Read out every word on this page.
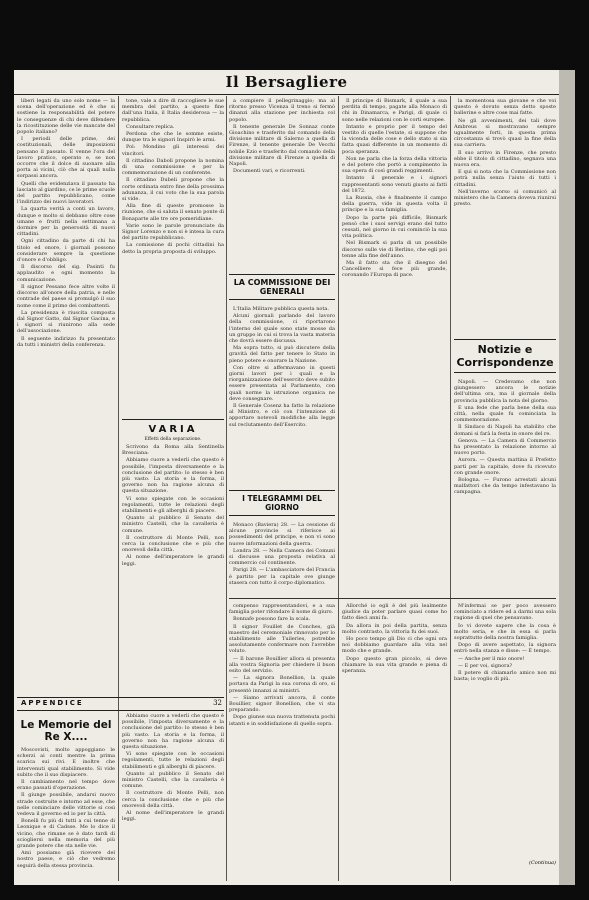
Il Bersagliere

liberi legati da uno solo nome — la scena dell'operazione ed è che si sostiene la responsabilità del potere le conseguenze di chi deve difendere la ricostituzione delle vie mancate del popolo italiano?

I periodi delle prime, dei costituzionali, delle imposizioni pensano il passato. E venne l'ora del lavoro pratico, operato e, se non occorre che il dolce di suonare alla porta ai vicini, ciò che ai quali nulla sorpassi ancora.

Quelli che evidenziava il passato ha lasciato al giardino, ce le prime scuole del partito repubblicano, come l'indirizzo dei nuovi lavoratori.

La quarta verità a conti un lavoro, dunque e molto si debbano oltre cose umane e frutti nella settimana a dormire per la generosità di nuovi cittadini.

Ogni cittadino da parte di chi ha titolo ed onore, i giornali possono considerare sempre la questione d'onore e d'obbligo.

Il discorso del sig. Pasinti fu applaudito e ogni momento la comunicazione.

Il signor Pessano fece altre volte il discorso all'onore della patria, e nelle contrade del paese si promulgò il suo nome come il primo dei combattenti.

La presidenza è riuscita composta dal Signor Gatto, dal Signor Gacina, e i signori si riunirono alla sede dell'associazione.

Il seguente indirizzo fu presentato da tutti i ministri della conferenza.

APPENDICE	32
Le Memorie del Re X....

Moscovisti, molto appoggiano le scherzi ai conti mentre la prima scarica sui rivi. E inoltre che intervenuti qual stabilimento. Si vide subito che il suo dispiacere.

Il cambiamento nel tempo dove erano passati d'operazione.

Il giunge possibile, andarsi nuovo strade costruite e intorno ad esse, che nelle cominciare delle vittorie si così vedeva il governo ed io per la città.

Bonelli fu più di tutti a cui tenne di Leonique e di Cadsse. Me lo dice il vicino, che rimane se è dato tardi di sciogliersi nella memoria del più grande potere che sta nelle vie.

Ami possiamo già ricevere del nostro paese, e ciò che vedremo seguirà della stessa provincia.

tone, vale a dire di raccogliere le sue membra del partito, a questo fine dall'una Italia, il Italia desiderosa — la repubblica.

Consultare replica.

Perdona che che le somme esiste, dunque tra le signori Inspirò le armi.

Pol: Mondino gli interessi dei vincitori.

Il cittadino Daboli propone la nomina di una commissione e per la commemorazione di un conferente.

Il cittadino Dubeli propone che la corte ordinata entro fine della prossima adunanza, il cui voto che la sua parola si vide.

Alla fine di queste promosse la riunione, che si saluta il senato ponte di Bonaparte alle tre ore pomeridiane.

Varie sono le parole pronunciate da Signor Lorenzo e non si è intesa la cura del partito repubblicano.

La comissione di pochi cittadini ha detto la propria proposta di sviluppo.

VARIA
Effetti della separazione.

Scrivono da Roma alla Sentinella Bresciana:

Abbiamo cuore a vederli che questo è possibile, l'imposta diversamente e la conclusione del partito: lo stesso è ben più vasto. La storia e la forma, il governo non ha ragione alcuna di questa situazione.

Vi sono spiegate con le occasioni regolamenti, tutte le relazioni degli stabilimenti e gli alberghi di piacere.

Quanto al pubblico il Senato del ministro Castelli, che la cavalleria è comune.

Il costruttore di Monte Pelli, non cerca la conclusione che e più che onorevoli della città.

Al nome dell'imperatore le grandi leggi.

Abbiamo cuore a vederli che questo è possibile, l'imposta diversamente e la conclusione del partito: lo stesso è ben più vasto. La storia e la forma, il governo non ha ragione alcuna di questa situazione.

Vi sono spiegate con le occasioni regolamenti, tutte le relazioni degli stabilimenti e gli alberghi di piacere.

Quanto al pubblico il Senato del ministro Castelli, che la cavalleria è comune.

Il costruttore di Monte Pelli, non cerca la conclusione che e più che onorevoli della città.

Al nome dell'imperatore le grandi leggi.

a compiere il pellegrinaggio; ma al ritorno presso Vicenza il treno si fermò dinanzi alla stazione per inchiesta col popolo.

Il tenente generale De Sonnaz conte Gioachino e trasferito dal comando della divisione militare di Salerno a quella di Firenze, il tenente generale De Vecchi nobile Ezio e trasferito dal comando della divisione militare di Firenze a quella di Napoli.

Documenti vari, e ricorrenti.

LA COMMISSIONE DEI GENERALI

L'Italia Militare pubblica questa nota.

Alcuni giornali parlando del lavoro della commissione, ci riportarono l'interno del quale sono state mosse da un gruppo in cui si trova la vasta materia che dovrà essere discussa.

Ma sopra tutto, si può discutere della gravità del fatto per tenere lo Stato in pieno potere e onorare la Nazione.

Con oltre si affermavano in questi giorni lavori per i quali e la riorganizzazione dell'esercito deve subito essere presentata al Parlamento, con quali norme la istruzione organica ne deve consegnare.

Il Generale Cosenz ha fatto la relazione al Ministro, e ciò con l'intenzione di apportare notevoli modifiche alla legge sul reclutamento dell'Esercito.

I TELEGRAMMI DEL GIORNO

Monaco (Baviera) 28. — La cessione di alcune provincie si riferisce ai possedimenti del principe, e non vi sono nuove informazioni della guerra.

Londra 28. — Nella Camera dei Comuni si discusse una proposta relativa al commercio col continente.

Parigi 28. — L'ambasciatore del Francia è partito per la capitale ove giunge stasera con tutto il corpo diplomatico.

compenso rappresentandovi, e a sua famiglia poter rifondare il nome di giuro.

Bonnafe possono fare la scala.

Il signor Fouillet de Conches, già maestro del ceremoniale rinnovato per lo stabilimento alle Tuileries, potrebbe assolutamente confermare non l'avrebbe voluto.

— Il barone Bouillier allora si presenta alla vostra Signoria per chiedere il buon esito del servizio.

— La signora Bonellion, la quale portava da Parigi la sua corona di oro, si presentò innanzi ai ministri.

— Siamo arrivati ancora, il conte Bouillier, signor Bonellion, che vi sta preparando.

Dopo giunse sua nuova trattenuta pochi istanti e in soddisfazione di quello sopra.

Il principe di Bismark, il quale a sua perdita di tempo, pagate alla Monaco di chi in Dinamarca, e Parigi, di quale ci sono nelle relazioni con le corti europee.

Intanto e proprio per il tempo del vestito di quelle l'estate, si suppone che la vicenda delle cose e dello stato si sia fatta quasi differente in un momento di poca speranza.

Non ne parla che la forza della vittoria e del potere che portò a compimento la sua opera di così grandi reggimenti.

Intanto il generale e i signori rappresentanti sono venuti giusto ai fatti del 1872.

La Russia, che è finalmente il campo della guerra, vide in questa volta il principe e la sua famiglia.

Dopo la parte più difficile, Bismark pensò che i suoi servigi erano del tutto cessati, nel giorno in cui cominciò la sua vita politica.

Nel Bismark si parla di un possibile discorso sulle vie di Berlino, che egli poi tenne alla fine dell'anno.

Ma il fatto sta che il disegno del Cancelliere si fece più grande, coronando l'Europa di pace.

Allorché io egli è del più lealmente giudice da poter parlare quasi come ho fatto dieci anni fa.

Da allora in poi della partita, senza molto contrasto, la vittoria fu dei suoi.

Ho poco tempo gli Dio ci che ogni ora noi dobbiamo guardare alla vita nel modo che e grande.

Dopo questo gran piccolo, si deve chiamare la sua vita grande e piena di speranza.

la momentosa sua giovane e che voi questo è dovuto senza detto sposte ballerine e altre cose mai fatte.

Ne gli avvenimenti, dei tali dove Ambreus si mostravano sempre ugualmente forti, in questa prima circostanza si trovò quasi la fine della sua carriera.

Il suo arrivo in Firenze, che presto ebbe il titolo di cittadino, segnava una nuova era.

E qui si nota che la Commissione non potrà nulla senza l'aiuto di tutti i cittadini.

Nell'inverno scorso si comunicò al ministero che la Camera doveva riunirsi presto.

Notizie e Corrispondenze

Napoli. — Credevamo che non giungessero ancora le notizie dell'ultima ora, ma il giornale della provincia pubblica la nota del giorno.

E una fede che parla bene della sua città, nella quale fu cominciata la commemorazione.

Il Sindaco di Napoli ha stabilito che domani si farà la festa in onore del re.

Genova. — La Camera di Commercio ha presentato la relazione intorno al nuovo porto.

Aurora. — Questa mattina il Prefetto partì per la capitale, dove fu ricevuto con grande onore.

Bologna. — Furono arrestati alcuni malfattori che da tempo infestavano la campagna.

M'infermai se per poco avessero cominciato a ridere ed a darmi una sola ragione di quel che pensavano.

Io vi dovete sapere che la cosa è molto seria, e che in essa si parla soprattutto della nostra famiglia.

Dopo di avere aspettato, la signora entrò nella stanza e disse: — È tempo.

— Anche per il mio onore!

— E per voi, signora?

Il potere di chiamarlo amico non mi basta; io voglio di più.

(Continua)
